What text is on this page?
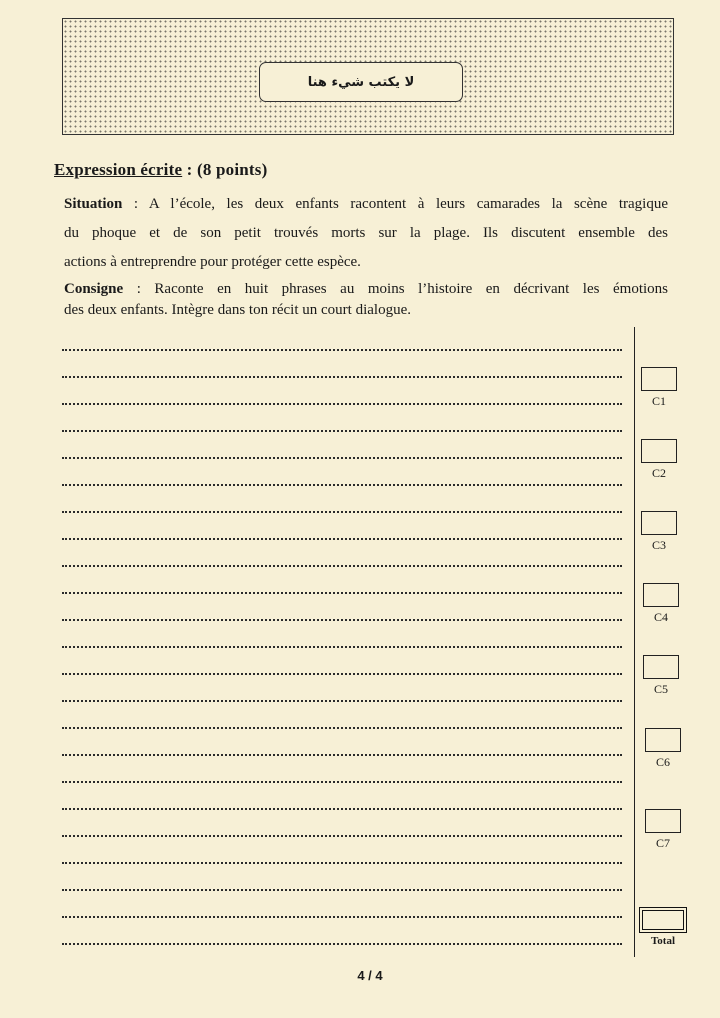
لا يكتب شيء هنا
Expression écrite : (8 points)
Situation : A l’école, les deux enfants racontent à leurs camarades la scène tragique
du phoque et de son petit trouvés morts sur la plage. Ils discutent ensemble des
actions à entreprendre pour protéger cette espèce.
Consigne : Raconte en huit phrases au moins l’histoire en décrivant les émotions
des deux enfants. Intègre dans ton récit un court dialogue.
C1
C2
C3
C4
C5
C6
C7
Total
4 / 4
